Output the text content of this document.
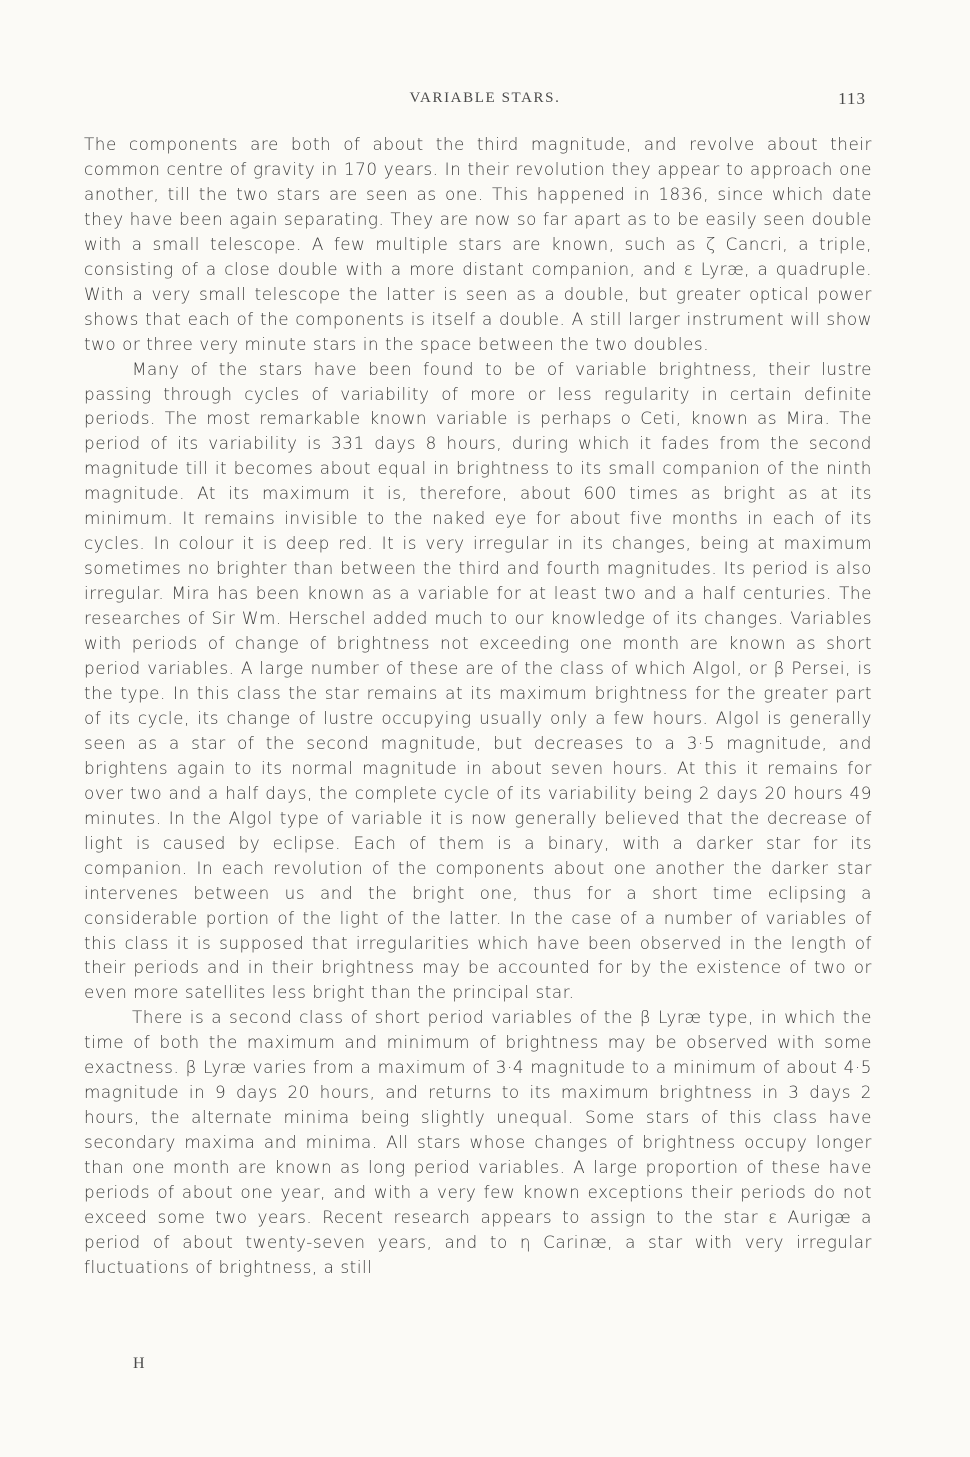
VARIABLE STARS.	113

The components are both of about the third magnitude, and revolve about their common centre of gravity in 170 years. In their revolution they appear to approach one another, till the two stars are seen as one. This happened in 1836, since which date they have been again separating. They are now so far apart as to be easily seen double with a small telescope. A few multiple stars are known, such as ζ Cancri, a triple, consisting of a close double with a more distant companion, and ε Lyræ, a quadruple. With a very small telescope the latter is seen as a double, but greater optical power shows that each of the components is itself a double. A still larger instrument will show two or three very minute stars in the space between the two doubles.

Many of the stars have been found to be of variable brightness, their lustre passing through cycles of variability of more or less regularity in certain definite periods. The most remarkable known variable is perhaps o Ceti, known as Mira. The period of its variability is 331 days 8 hours, during which it fades from the second magnitude till it becomes about equal in brightness to its small companion of the ninth magnitude. At its maximum it is, therefore, about 600 times as bright as at its minimum. It remains invisible to the naked eye for about five months in each of its cycles. In colour it is deep red. It is very irregular in its changes, being at maximum sometimes no brighter than between the third and fourth magnitudes. Its period is also irregular. Mira has been known as a variable for at least two and a half centuries. The researches of Sir Wm. Herschel added much to our knowledge of its changes. Variables with periods of change of brightness not exceeding one month are known as short period variables. A large number of these are of the class of which Algol, or β Persei, is the type. In this class the star remains at its maximum brightness for the greater part of its cycle, its change of lustre occupying usually only a few hours. Algol is generally seen as a star of the second magnitude, but decreases to a 3·5 magnitude, and brightens again to its normal magnitude in about seven hours. At this it remains for over two and a half days, the complete cycle of its variability being 2 days 20 hours 49 minutes. In the Algol type of variable it is now generally believed that the decrease of light is caused by eclipse. Each of them is a binary, with a darker star for its companion. In each revolution of the components about one another the darker star intervenes between us and the bright one, thus for a short time eclipsing a considerable portion of the light of the latter. In the case of a number of variables of this class it is supposed that irregularities which have been observed in the length of their periods and in their brightness may be accounted for by the existence of two or even more satellites less bright than the principal star.

There is a second class of short period variables of the β Lyræ type, in which the time of both the maximum and minimum of brightness may be observed with some exactness. β Lyræ varies from a maximum of 3·4 magnitude to a minimum of about 4·5 magnitude in 9 days 20 hours, and returns to its maximum brightness in 3 days 2 hours, the alternate minima being slightly unequal. Some stars of this class have secondary maxima and minima. All stars whose changes of brightness occupy longer than one month are known as long period variables. A large proportion of these have periods of about one year, and with a very few known exceptions their periods do not exceed some two years. Recent research appears to assign to the star ε Aurigæ a period of about twenty-seven years, and to η Carinæ, a star with very irregular fluctuations of brightness, a still

H
